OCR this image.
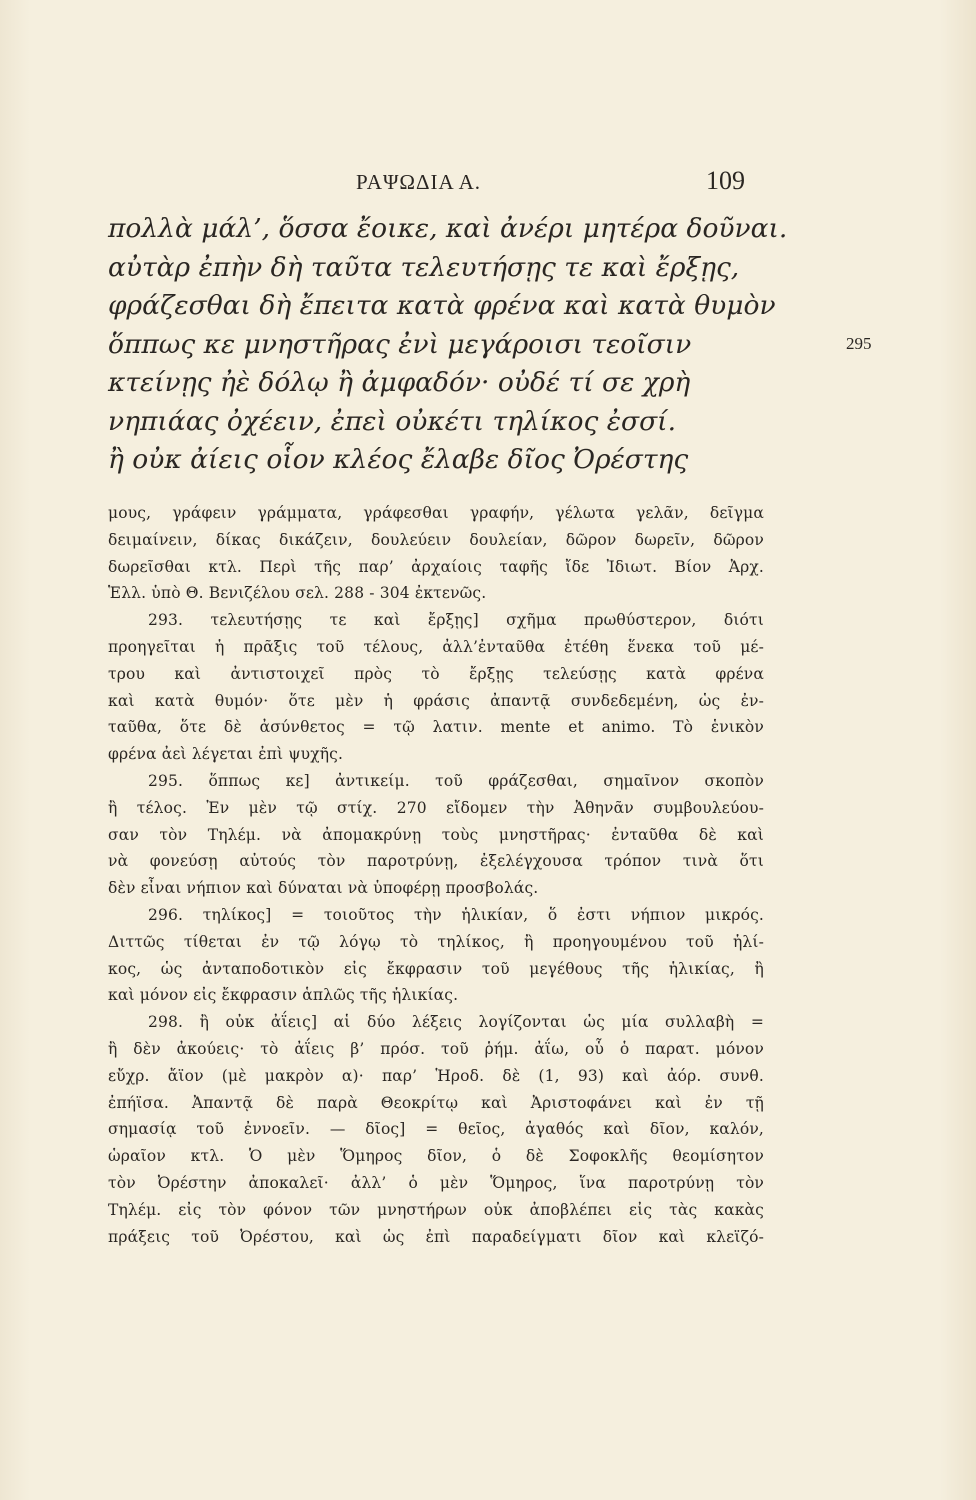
ΡΑΨΩΔΙΑ Α.	109
πολλὰ μάλ’, ὅσσα ἔοικε, καὶ ἀνέρι μητέρα δοῦναι.
αὐτὰρ ἐπὴν δὴ ταῦτα τελευτήσῃς τε καὶ ἔρξῃς,
φράζεσθαι δὴ ἔπειτα κατὰ φρένα καὶ κατὰ θυμὸν
ὅππως κε μνηστῆρας ἐνὶ μεγάροισι τεοῖσιν
κτείνῃς ἠὲ δόλῳ ἢ ἀμφαδόν· οὐδέ τί σε χρὴ
νηπιάας ὀχέειν, ἐπεὶ οὐκέτι τηλίκος ἐσσί.
ἢ οὐκ ἀίεις οἷον κλέος ἔλαβε δῖος Ὀρέστης
295
μους, γράφειν γράμματα, γράφεσθαι γραφήν, γέλωτα γελᾶν, δεῖγμα
δειμαίνειν, δίκας δικάζειν, δουλεύειν δουλείαν, δῶρον δωρεῖν, δῶρον
δωρεῖσθαι κτλ. Περὶ τῆς παρ’ ἀρχαίοις ταφῆς ἴδε Ἰδιωτ. Βίον Ἀρχ.
Ἑλλ. ὑπὸ Θ. Βενιζέλου σελ. 288 - 304 ἐκτενῶς.
293. τελευτήσῃς τε καὶ ἔρξῃς] σχῆμα πρωθύστερον, διότι
προηγεῖται ἡ πρᾶξις τοῦ τέλους, ἀλλ’ἐνταῦθα ἐτέθη ἕνεκα τοῦ μέ-
τρου καὶ ἀντιστοιχεῖ πρὸς τὸ ἔρξῃς τελεύσῃς κατὰ φρένα
καὶ κατὰ θυμόν· ὅτε μὲν ἡ φράσις ἀπαντᾷ συνδεδεμένη, ὡς ἐν-
ταῦθα, ὅτε δὲ ἀσύνθετος = τῷ λατιν. mente et animo. Τὸ ἑνικὸν
φρένα ἀεὶ λέγεται ἐπὶ ψυχῆς.
295. ὅππως κε] ἀντικείμ. τοῦ φράζεσθαι, σημαῖνον σκοπὸν
ἢ τέλος. Ἐν μὲν τῷ στίχ. 270 εἴδομεν τὴν Ἀθηνᾶν συμβουλεύου-
σαν τὸν Τηλέμ. νὰ ἀπομακρύνῃ τοὺς μνηστῆρας· ἐνταῦθα δὲ καὶ
νὰ φονεύσῃ αὐτούς τὸν παροτρύνῃ, ἐξελέγχουσα τρόπον τινὰ ὅτι
δὲν εἶναι νήπιον καὶ δύναται νὰ ὑποφέρῃ προσβολάς.
296. τηλίκος] = τοιοῦτος τὴν ἡλικίαν, ὅ ἐστι νήπιον μικρός.
Διττῶς τίθεται ἐν τῷ λόγῳ τὸ τηλίκος, ἢ προηγουμένου τοῦ ἡλί-
κος, ὡς ἀνταποδοτικὸν εἰς ἔκφρασιν τοῦ μεγέθους τῆς ἡλικίας, ἢ
καὶ μόνον εἰς ἔκφρασιν ἁπλῶς τῆς ἡλικίας.
298. ἢ οὐκ ἀΐεις] αἱ δύο λέξεις λογίζονται ὡς μία συλλαβὴ =
ἢ δὲν ἀκούεις· τὸ ἀΐεις β’ πρόσ. τοῦ ῥήμ. ἀΐω, οὗ ὁ παρατ. μόνον
εὔχρ. ἄϊον (μὲ μακρὸν α)· παρ’ Ἡροδ. δὲ (1, 93) καὶ ἀόρ. συνθ.
ἐπήϊσα. Ἀπαντᾷ δὲ παρὰ Θεοκρίτῳ καὶ Ἀριστοφάνει καὶ ἐν τῇ
σημασίᾳ τοῦ ἐννοεῖν. — δῖος] = θεῖος, ἀγαθός καὶ δῖον, καλόν,
ὡραῖον κτλ. Ὁ μὲν Ὅμηρος δῖον, ὁ δὲ Σοφοκλῆς θεομίσητον
τὸν Ὀρέστην ἀποκαλεῖ· ἀλλ’ ὁ μὲν Ὅμηρος, ἵνα παροτρύνῃ τὸν
Τηλέμ. εἰς τὸν φόνον τῶν μνηστήρων οὐκ ἀποβλέπει εἰς τὰς κακὰς
πράξεις τοῦ Ὀρέστου, καὶ ὡς ἐπὶ παραδείγματι δῖον καὶ κλεϊζό-
